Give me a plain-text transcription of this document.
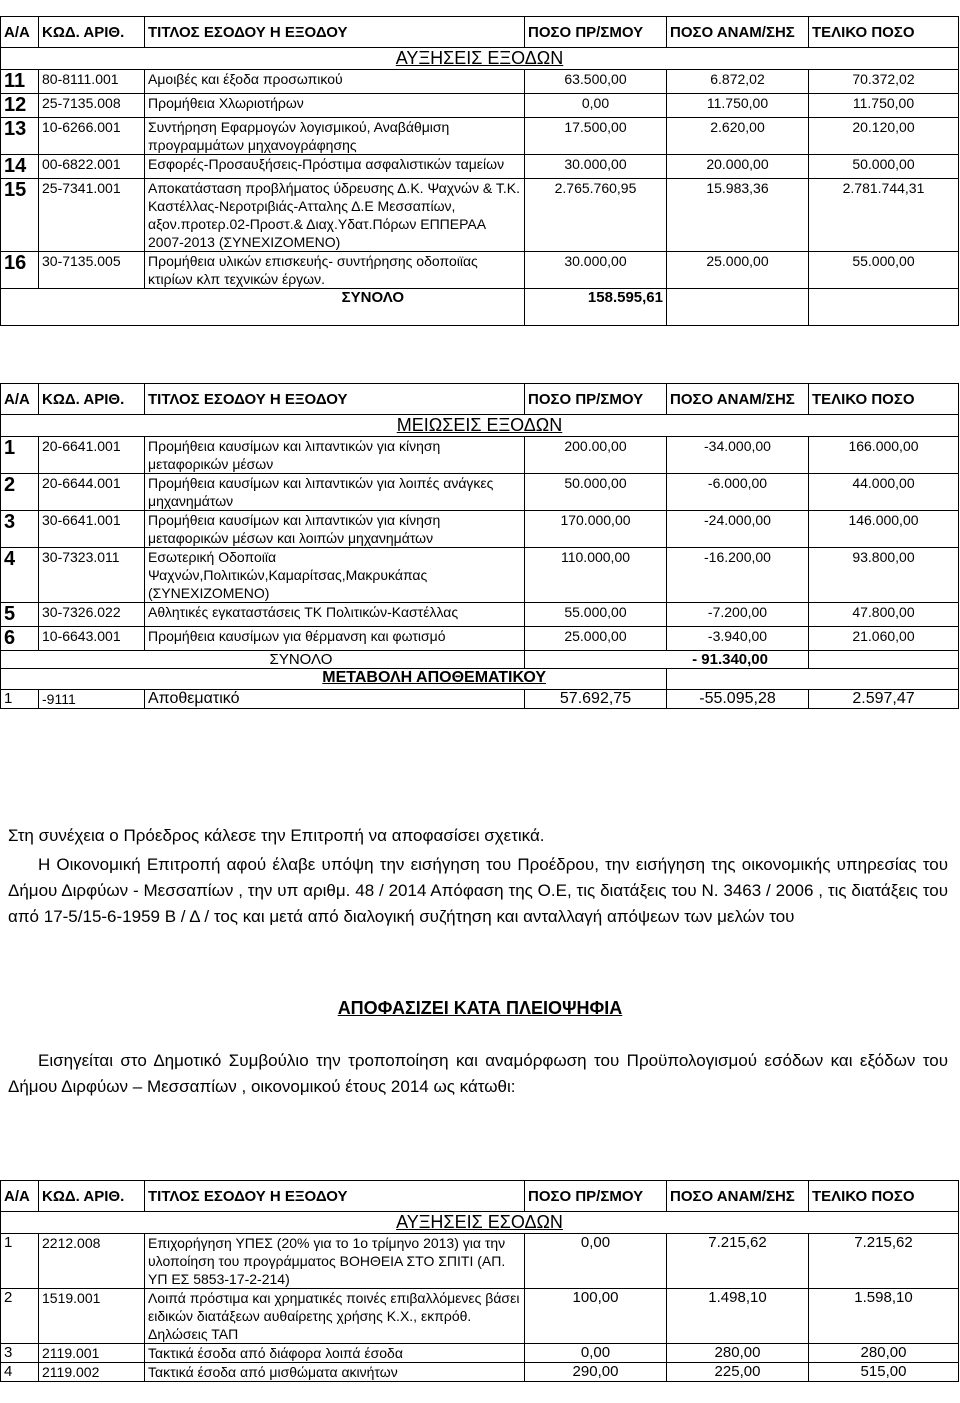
Α/Α	ΚΩΔ. ΑΡΙΘ.	ΤΙΤΛΟΣ ΕΣΟΔΟΥ Η ΕΞΟΔΟΥ	ΠΟΣΟ ΠΡ/ΣΜΟΥ	ΠΟΣΟ ΑΝΑΜ/ΣΗΣ	ΤΕΛΙΚΟ ΠΟΣΟ
ΑΥΞΗΣΕΙΣ ΕΞΟΔΩΝ					
11	80-8111.001	Αμοιβές και έξοδα προσωπικού	63.500,00	6.872,02	70.372,02
12	25-7135.008	Προμήθεια Χλωριοτήρων	0,00	11.750,00	11.750,00
13	10-6266.001	Συντήρηση Εφαρμογών λογισμικού, Αναβάθμιση προγραμμάτων μηχανογράφησης	17.500,00	2.620,00	20.120,00
14	00-6822.001	Εσφορές-Προσαυξήσεις-Πρόστιμα ασφαλιστικών ταμείων	30.000,00	20.000,00	50.000,00
15	25-7341.001	Αποκατάσταση προβλήματος ύδρευσης Δ.Κ. Ψαχνών & Τ.Κ. Καστέλλας-Νεροτριβιάς-Ατταλης Δ.Ε Μεσσαπίων, αξον.προτερ.02-Προστ.& Διαχ.Υδατ.Πόρων ΕΠΠΕΡΑΑ 2007-2013 (ΣΥΝΕΧΙΖΟΜΕΝΟ)	2.765.760,95	15.983,36	2.781.744,31
16	30-7135.005	Προμήθεια υλικών επισκευής- συντήρησης οδοποιϊας κτιρίων κλπ τεχνικών έργων.	30.000,00	25.000,00	55.000,00
ΣΥΝΟΛΟ			158.595,61		
Α/Α	ΚΩΔ. ΑΡΙΘ.	ΤΙΤΛΟΣ ΕΣΟΔΟΥ Η ΕΞΟΔΟΥ	ΠΟΣΟ ΠΡ/ΣΜΟΥ	ΠΟΣΟ ΑΝΑΜ/ΣΗΣ	ΤΕΛΙΚΟ ΠΟΣΟ
ΜΕΙΩΣΕΙΣ ΕΞΟΔΩΝ					
1	20-6641.001	Προμήθεια καυσίμων και λιπαντικών για κίνηση μεταφορικών μέσων	200.00,00	-34.000,00	166.000,00
2	20-6644.001	Προμήθεια καυσίμων και λιπαντικών για λοιπές ανάγκες μηχανημάτων	50.000,00	-6.000,00	44.000,00
3	30-6641.001	Προμήθεια καυσίμων και λιπαντικών για κίνηση μεταφορικών μέσων και λοιπών μηχανημάτων	170.000,00	-24.000,00	146.000,00
4	30-7323.011	Εσωτερική Οδοποιϊα Ψαχνών,Πολιτικών,Καμαρίτσας,Μακρυκάπας (ΣΥΝΕΧΙΖΟΜΕΝΟ)	110.000,00	-16.200,00	93.800,00
5	30-7326.022	Αθλητικές εγκαταστάσεις ΤΚ Πολιτικών-Καστέλλας	55.000,00	-7.200,00	47.800,00
6	10-6643.001	Προμήθεια καυσίμων για θέρμανση και φωτισμό	25.000,00	-3.940,00	21.060,00
ΣΥΝΟΛΟ			- 91.340,00		
ΜΕΤΑΒΟΛΗ ΑΠΟΘΕΜΑΤΙΚΟΥ					
1	-9111	Αποθεματικό	57.692,75	-55.095,28	2.597,47
Στη συνέχεια ο Πρόεδρος κάλεσε την Επιτροπή να αποφασίσει σχετικά.
Η Οικονομική Επιτροπή αφού έλαβε υπόψη την εισήγηση του Προέδρου, την εισήγηση της οικονομικής υπηρεσίας του Δήμου Διρφύων - Μεσσαπίων , την υπ αριθμ. 48 / 2014 Απόφαση της Ο.Ε, τις διατάξεις του Ν. 3463 / 2006 , τις διατάξεις του από 17-5/15-6-1959 Β / Δ / τος και μετά από διαλογική συζήτηση και ανταλλαγή απόψεων των μελών του
ΑΠΟΦΑΣΙΖΕΙ ΚΑΤΑ ΠΛΕΙΟΨΗΦΙΑ
Εισηγείται στο Δημοτικό Συμβούλιο την τροποποίηση και αναμόρφωση του Προϋπολογισμού εσόδων και εξόδων του Δήμου Διρφύων – Μεσσαπίων , οικονομικού έτους 2014 ως κάτωθι:
Α/Α	ΚΩΔ. ΑΡΙΘ.	ΤΙΤΛΟΣ ΕΣΟΔΟΥ Η ΕΞΟΔΟΥ	ΠΟΣΟ ΠΡ/ΣΜΟΥ	ΠΟΣΟ ΑΝΑΜ/ΣΗΣ	ΤΕΛΙΚΟ ΠΟΣΟ
ΑΥΞΗΣΕΙΣ ΕΣΟΔΩΝ					
1	2212.008	Επιχορήγηση ΥΠΕΣ (20% για το 1ο τρίμηνο 2013) για την υλοποίηση του προγράμματος ΒΟΗΘΕΙΑ ΣΤΟ ΣΠΙΤΙ (ΑΠ. ΥΠ ΕΣ 5853-17-2-214)	0,00	7.215,62	7.215,62
2	1519.001	Λοιπά πρόστιμα και χρηματικές ποινές επιβαλλόμενες βάσει ειδικών διατάξεων αυθαίρετης χρήσης Κ.Χ., εκπρόθ. Δηλώσεις ΤΑΠ	100,00	1.498,10	1.598,10
3	2119.001	Τακτικά έσοδα από διάφορα λοιπά έσοδα	0,00	280,00	280,00
4	2119.002	Τακτικά έσοδα από μισθώματα ακινήτων	290,00	225,00	515,00
